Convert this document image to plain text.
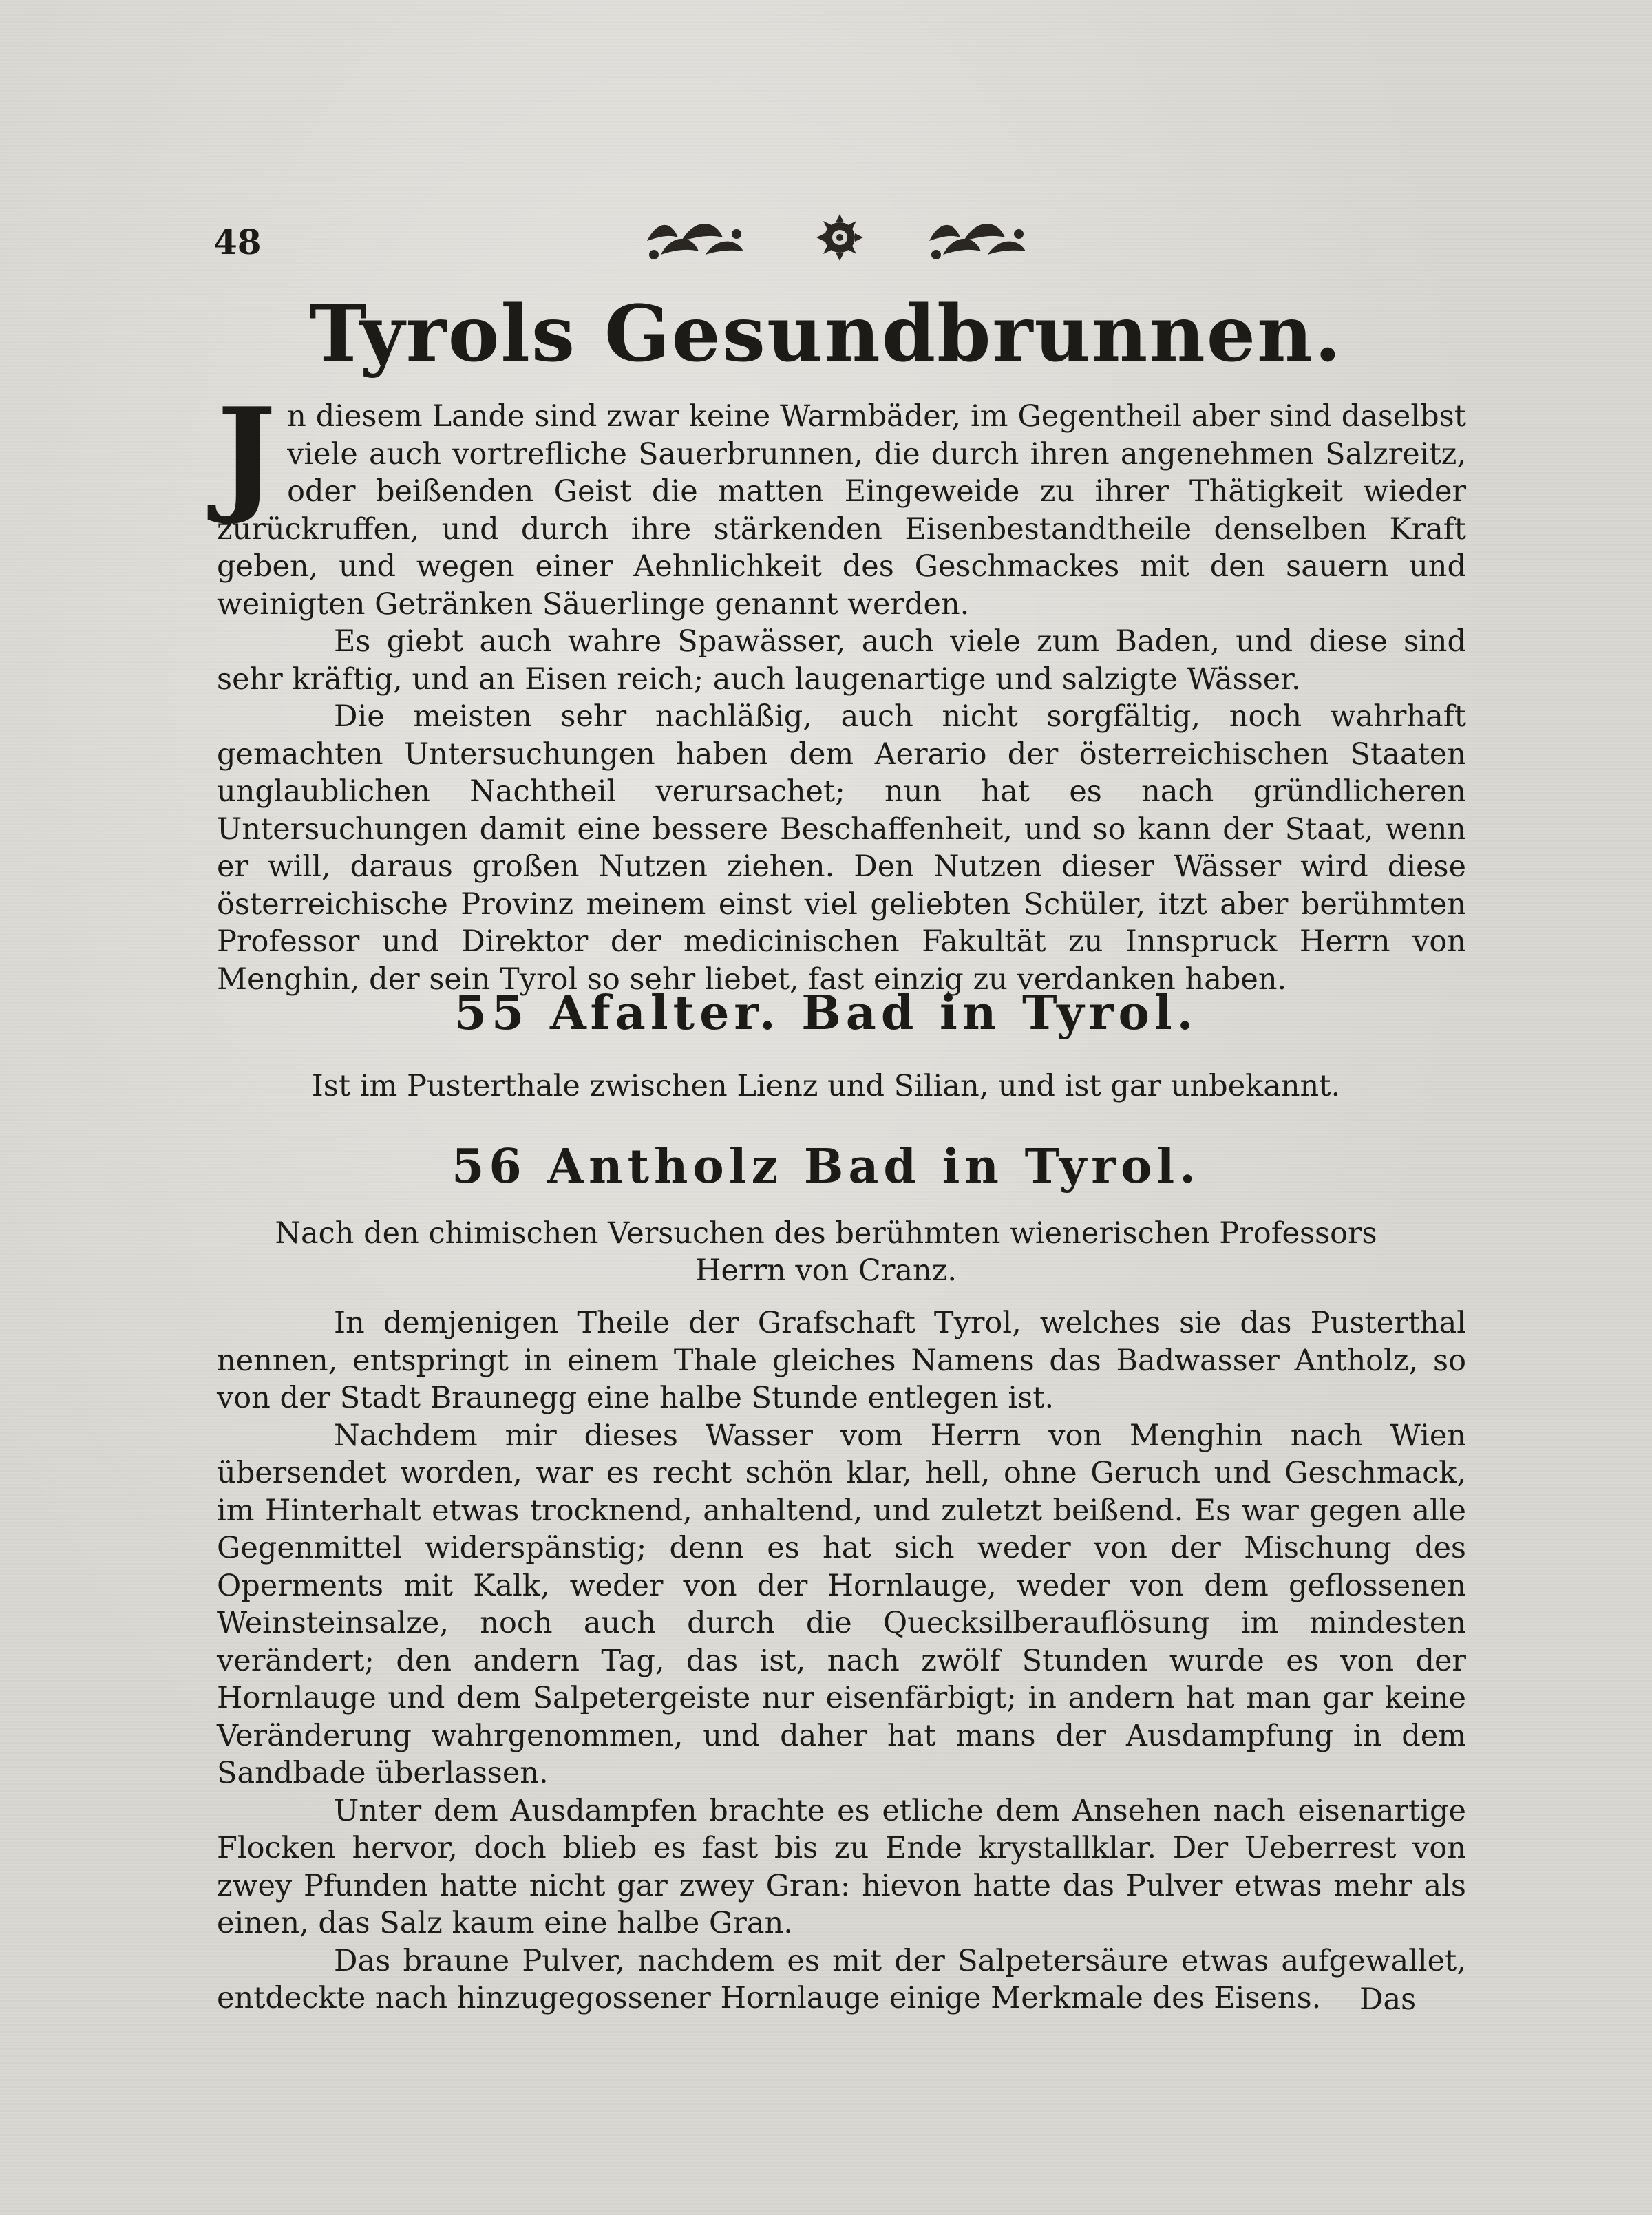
48
Tyrols Gesundbrunnen.

Jn diesem Lande sind zwar keine Warmbäder, im Gegentheil aber sind daselbst viele auch vortrefliche Sauerbrunnen, die durch ihren angenehmen Salzreitz, oder beißenden Geist die matten Eingeweide zu ihrer Thätigkeit wieder zurückruffen, und durch ihre stärkenden Eisenbestandtheile denselben Kraft geben, und wegen einer Aehnlichkeit des Geschmackes mit den sauern und weinigten Getränken Säuerlinge genannt werden.

Es giebt auch wahre Spawässer, auch viele zum Baden, und diese sind sehr kräftig, und an Eisen reich; auch laugenartige und salzigte Wässer.

Die meisten sehr nachläßig, auch nicht sorgfältig, noch wahrhaft gemachten Untersuchungen haben dem Aerario der österreichischen Staaten unglaublichen Nachtheil verursachet; nun hat es nach gründlicheren Untersuchungen damit eine bessere Beschaffenheit, und so kann der Staat, wenn er will, daraus großen Nutzen ziehen. Den Nutzen dieser Wässer wird diese österreichische Provinz meinem einst viel geliebten Schüler, itzt aber berühmten Professor und Direktor der medicinischen Fakultät zu Innspruck Herrn von Menghin, der sein Tyrol so sehr liebet, fast einzig zu verdanken haben.

55 Afalter. Bad in Tyrol.
Ist im Pusterthale zwischen Lienz und Silian, und ist gar unbekannt.
56 Antholz Bad in Tyrol.
Nach den chimischen Versuchen des berühmten wienerischen Professors
Herrn von Cranz.

In demjenigen Theile der Grafschaft Tyrol, welches sie das Pusterthal nennen, entspringt in einem Thale gleiches Namens das Badwasser Antholz, so von der Stadt Braunegg eine halbe Stunde entlegen ist.

Nachdem mir dieses Wasser vom Herrn von Menghin nach Wien übersendet worden, war es recht schön klar, hell, ohne Geruch und Geschmack, im Hinterhalt etwas trocknend, anhaltend, und zuletzt beißend. Es war gegen alle Gegenmittel widerspänstig; denn es hat sich weder von der Mischung des Operments mit Kalk, weder von der Hornlauge, weder von dem geflossenen Weinsteinsalze, noch auch durch die Quecksilberauflösung im mindesten verändert; den andern Tag, das ist, nach zwölf Stunden wurde es von der Hornlauge und dem Salpetergeiste nur eisenfärbigt; in andern hat man gar keine Veränderung wahrgenommen, und daher hat mans der Ausdampfung in dem Sandbade überlassen.

Unter dem Ausdampfen brachte es etliche dem Ansehen nach eisenartige Flocken hervor, doch blieb es fast bis zu Ende krystallklar. Der Ueberrest von zwey Pfunden hatte nicht gar zwey Gran: hievon hatte das Pulver etwas mehr als einen, das Salz kaum eine halbe Gran.

Das braune Pulver, nachdem es mit der Salpetersäure etwas aufgewallet, entdeckte nach hinzugegossener Hornlauge einige Merkmale des Eisens.	Das
